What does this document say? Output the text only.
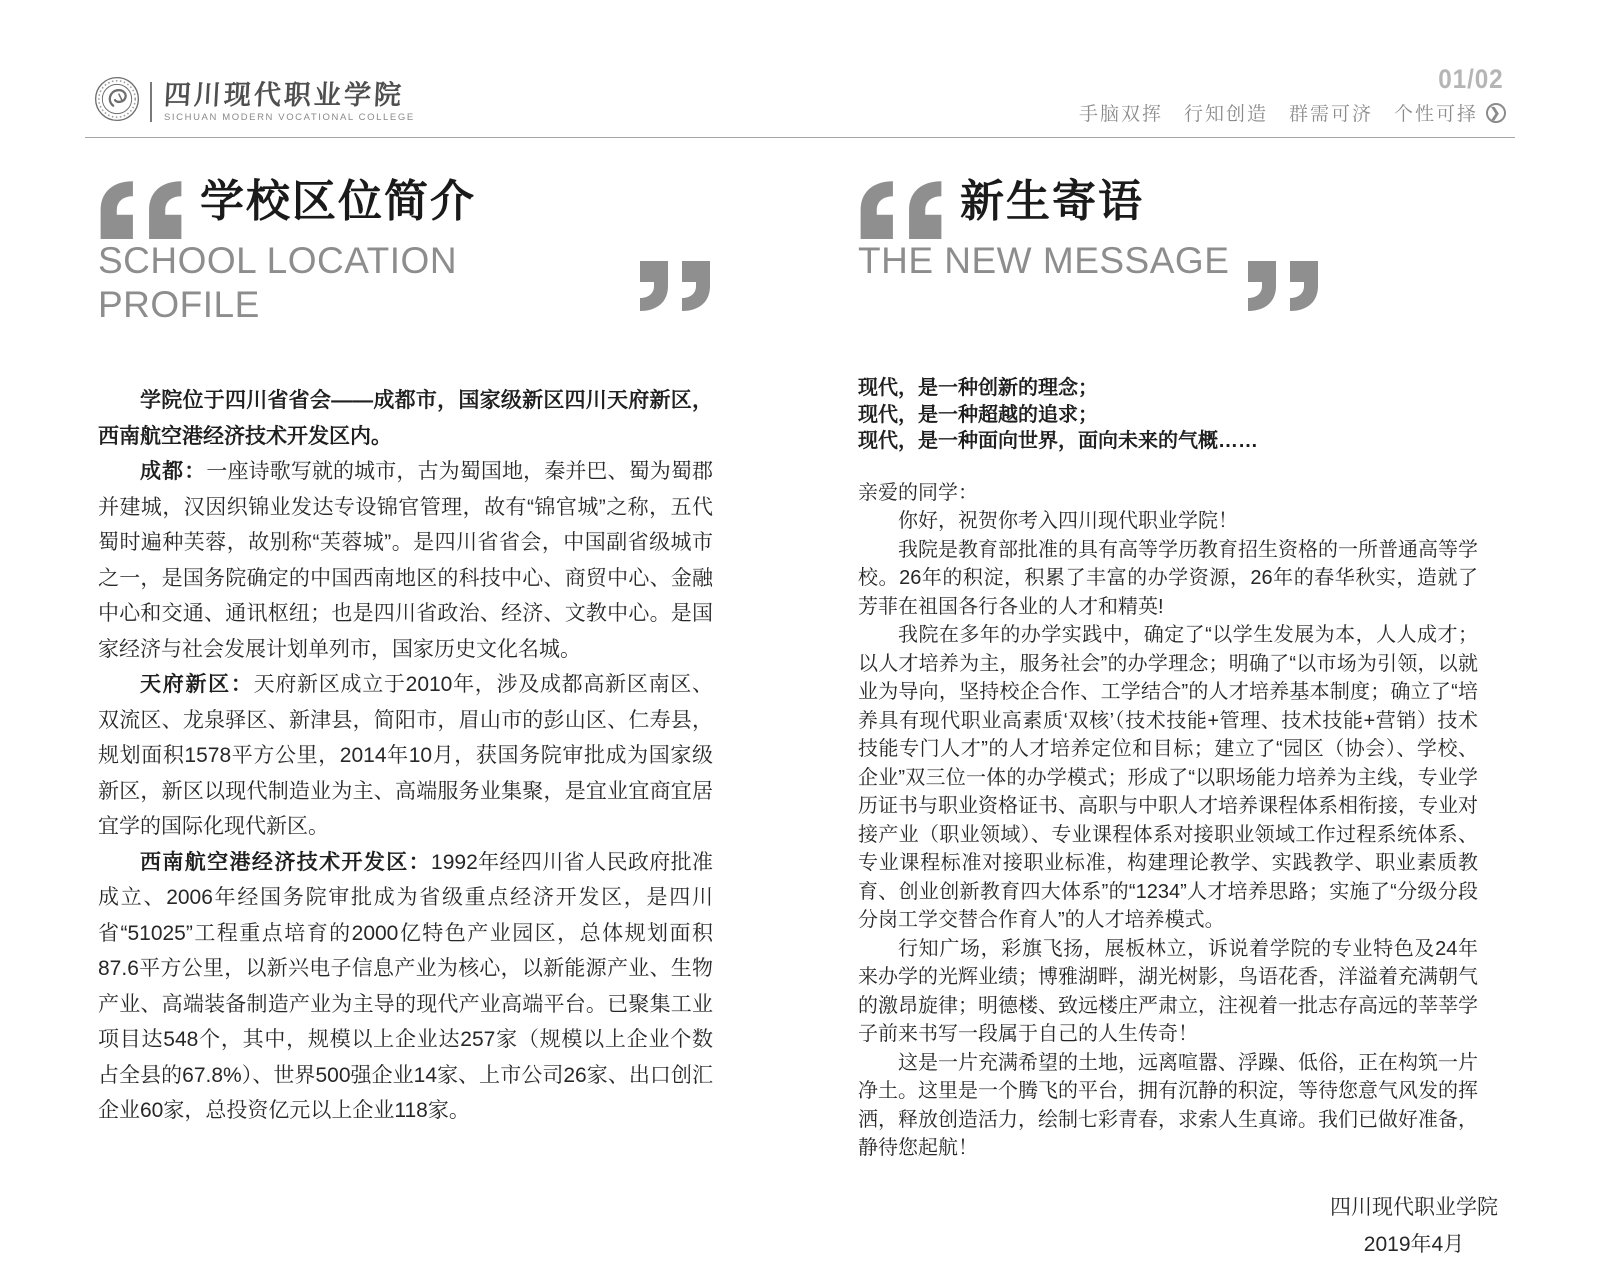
四川现代职业学院
SICHUAN MODERN VOCATIONAL COLLEGE
01/02
手脑双挥　行知创造　群需可济　个性可择 ❯
学校区位简介
SCHOOL LOCATION PROFILE

学院位于四川省省会——成都市，国家级新区四川天府新区，西南航空港经济技术开发区内。

成都：一座诗歌写就的城市，古为蜀国地，秦并巴、蜀为蜀郡并建城，汉因织锦业发达专设锦官管理，故有“锦官城”之称，五代蜀时遍种芙蓉，故别称“芙蓉城”。是四川省省会，中国副省级城市之一，是国务院确定的中国西南地区的科技中心、商贸中心、金融中心和交通、通讯枢纽；也是四川省政治、经济、文教中心。是国家经济与社会发展计划单列市，国家历史文化名城。

天府新区：天府新区成立于2010年，涉及成都高新区南区、双流区、龙泉驿区、新津县，简阳市，眉山市的彭山区、仁寿县，规划面积1578平方公里，2014年10月，获国务院审批成为国家级新区，新区以现代制造业为主、高端服务业集聚，是宜业宜商宜居宜学的国际化现代新区。

西南航空港经济技术开发区：1992年经四川省人民政府批准成立、2006年经国务院审批成为省级重点经济开发区，是四川省“51025”工程重点培育的2000亿特色产业园区，总体规划面积87.6平方公里，以新兴电子信息产业为核心，以新能源产业、生物产业、高端装备制造产业为主导的现代产业高端平台。已聚集工业项目达548个，其中，规模以上企业达257家（规模以上企业个数占全县的67.8%）、世界500强企业14家、上市公司26家、出口创汇企业60家，总投资亿元以上企业118家。

新生寄语
THE NEW MESSAGE
现代，是一种创新的理念；
现代，是一种超越的追求；
现代，是一种面向世界，面向未来的气概……

亲爱的同学：

你好，祝贺你考入四川现代职业学院！

我院是教育部批准的具有高等学历教育招生资格的一所普通高等学校。26年的积淀，积累了丰富的办学资源，26年的春华秋实，造就了芳菲在祖国各行各业的人才和精英!

我院在多年的办学实践中，确定了“以学生发展为本，人人成才；以人才培养为主，服务社会”的办学理念；明确了“以市场为引领，以就业为导向，坚持校企合作、工学结合”的人才培养基本制度；确立了“培养具有现代职业高素质‘双核’（技术技能+管理、技术技能+营销）技术技能专门人才”的人才培养定位和目标；建立了“园区（协会）、学校、企业”双三位一体的办学模式；形成了“以职场能力培养为主线，专业学历证书与职业资格证书、高职与中职人才培养课程体系相衔接，专业对接产业（职业领域）、专业课程体系对接职业领域工作过程系统体系、专业课程标准对接职业标准，构建理论教学、实践教学、职业素质教育、创业创新教育四大体系”的“1234”人才培养思路；实施了“分级分段分岗工学交替合作育人”的人才培养模式。

行知广场，彩旗飞扬，展板林立，诉说着学院的专业特色及24年来办学的光辉业绩；博雅湖畔，湖光树影，鸟语花香，洋溢着充满朝气的激昂旋律；明德楼、致远楼庄严肃立，注视着一批志存高远的莘莘学子前来书写一段属于自己的人生传奇！

这是一片充满希望的土地，远离喧嚣、浮躁、低俗，正在构筑一片净土。这里是一个腾飞的平台，拥有沉静的积淀，等待您意气风发的挥洒，释放创造活力，绘制七彩青春，求索人生真谛。我们已做好准备，静待您起航！

四川现代职业学院
2019年4月
